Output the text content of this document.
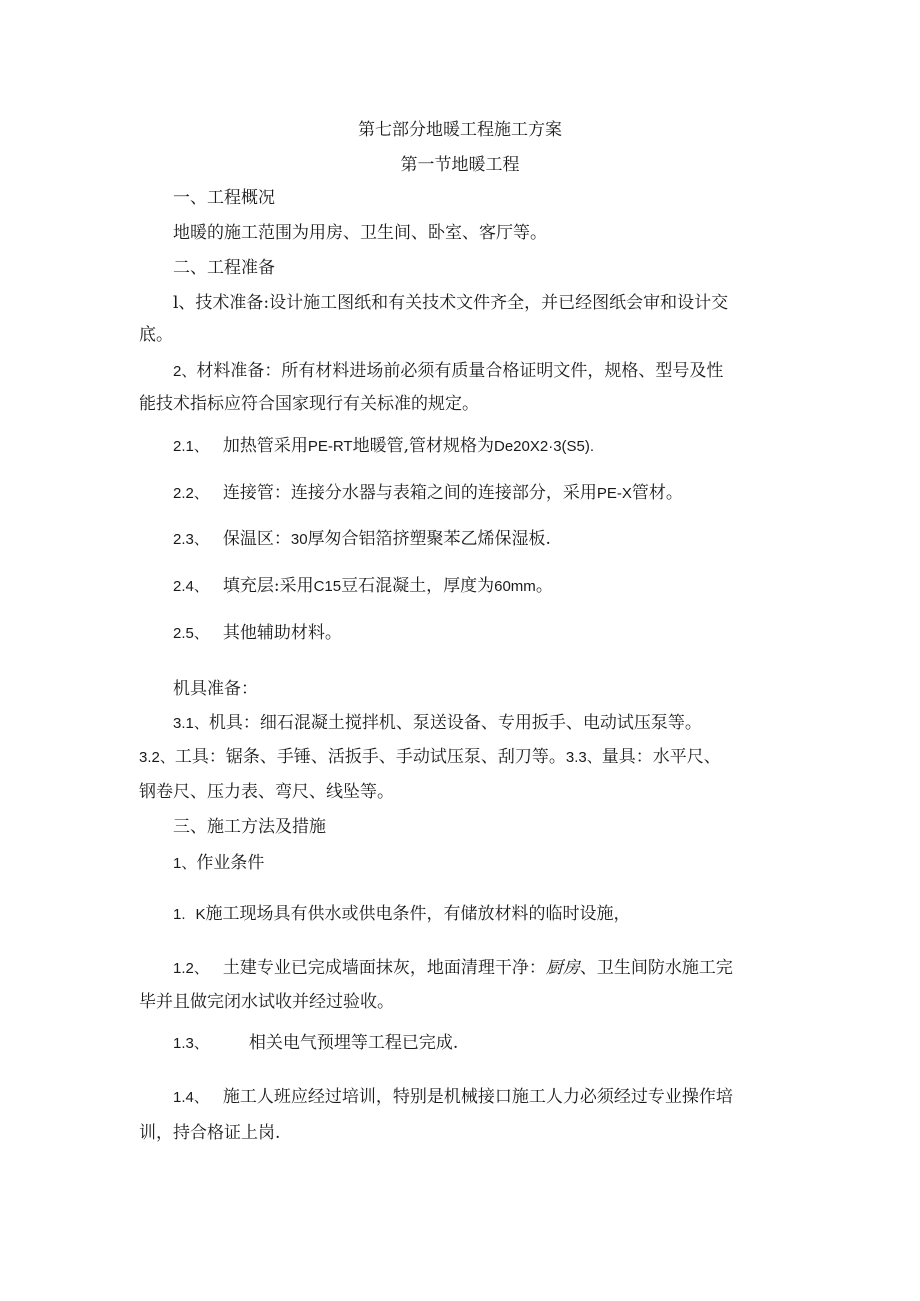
第七部分地暖工程施工方案
第一节地暖工程
一、工程概况
地暖的施工范围为用房、卫生间、卧室、客厅等。
二、工程准备
l、技术准备:设计施工图纸和有关技术文件齐全，并已经图纸会审和设计交
底。
2、材料准备：所有材料进场前必须有质量合格证明文件，规格、型号及性
能技术指标应符合国家现行有关标准的规定。
2.1、 加热管采用PE-RT地暖管,管材规格为De20X2·3(S5).
2.2、 连接管：连接分水器与表箱之间的连接部分，采用PE-X管材。
2.3、 保温区：30厚匆合铝箔挤塑聚苯乙烯保湿板.
2.4、 填充层:采用C15豆石混凝土，厚度为60mm。
2.5、 其他辅助材料。
机具准备：
3.1、机具：细石混凝土搅拌机、泵送设备、专用扳手、电动试压泵等。
3.2、工具：锯条、手锤、活扳手、手动试压泵、刮刀等。3.3、量具：水平尺、
钢卷尺、压力表、弯尺、线坠等。
三、施工方法及措施
1、作业条件
1. K施工现场具有供水或供电条件，有储放材料的临时设施，
1.2、 土建专业已完成墙面抹灰，地面清理干净：厨房、卫生间防水施工完
毕并且做完闭水试收并经过验收。
1.3、 相关电气预埋等工程已完成.
1.4、 施工人班应经过培训，特别是机械接口施工人力必须经过专业操作培
训，持合格证上岗.
